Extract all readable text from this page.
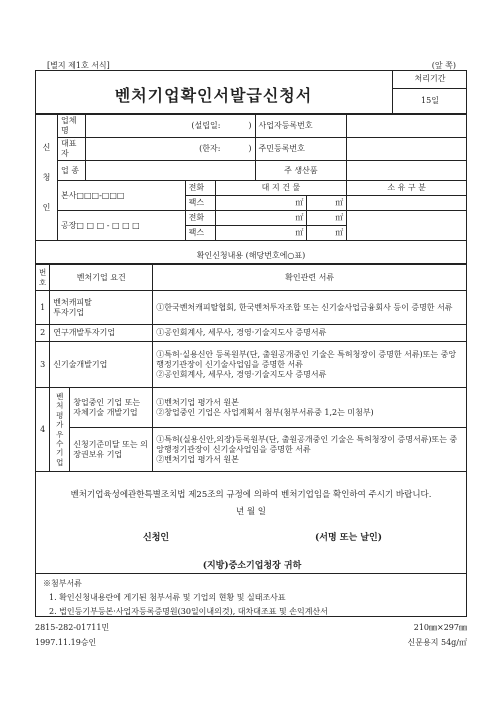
[별지 제1호 서식]	(앞 쪽)
벤처기업확인서발급신청서
처리기간
15일
신

청

인	업체명	(설립일: )			사업자등록번호		
	대표자	(한자: )			주민등록번호		
	업 종				주 생산품		
	본사□□□-□□□		전화	대 지 건 물			소 유 구 분
			팩스	㎡		㎡	
	공장□ □ □ - □ □ □		전화	㎡		㎡	
			팩스	㎡		㎡	
확인신청내용 (해당번호에○표)
번호	벤처기업 요건		확인관련 서류
1	벤처캐피탈
투자기업		①한국벤처캐피탈협회, 한국벤처투자조합 또는 신기술사업금융회사 등이 증명한 서류
2	연구개발투자기업		①공인회계사, 세무사, 경영·기술지도사 증명서류
3	신기술개발기업		①특허·실용신안 등록원부(단, 출원공개중인 기술은 특허청장이 증명한 서류)또는 중앙행정기관장이 신기술사업임을 증명한 서류
②공인회계사, 세무사, 경영·기술지도사 증명서류
4	벤처
평가
우수
기업	창업중인 기업 또는 자체기술 개발기업	①벤처기업 평가서 원본
②창업중인 기업은 사업계획서 첨부(첨부서류중 1,2는 미첨부)
		신청기준미달 또는 의장권보유 기업	①특허(실용신안,의장)등록원부(단, 출원공개중인 기술은 특허청장이 증명서류)또는 중앙행정기관장이 신기술사업임을 증명한 서류
②벤처기업 평가서 원본
벤처기업육성에관한특별조치법 제25조의 규정에 의하여 벤처기업임을 확인하여 주시기 바랍니다.
년 월 일
신청인	(서명 또는 날인)
(지방)중소기업청장 귀하
※첨부서류
1. 확인신청내용란에 게기된 첨부서류 및 기업의 현황 및 실태조사표
2. 법인등기부등본·사업자등록증명원(30일이내의것), 대차대조표 및 손익계산서
2815-282-01711민
1997.11.19승인
210㎜×297㎜
신문용지 54g/㎡
